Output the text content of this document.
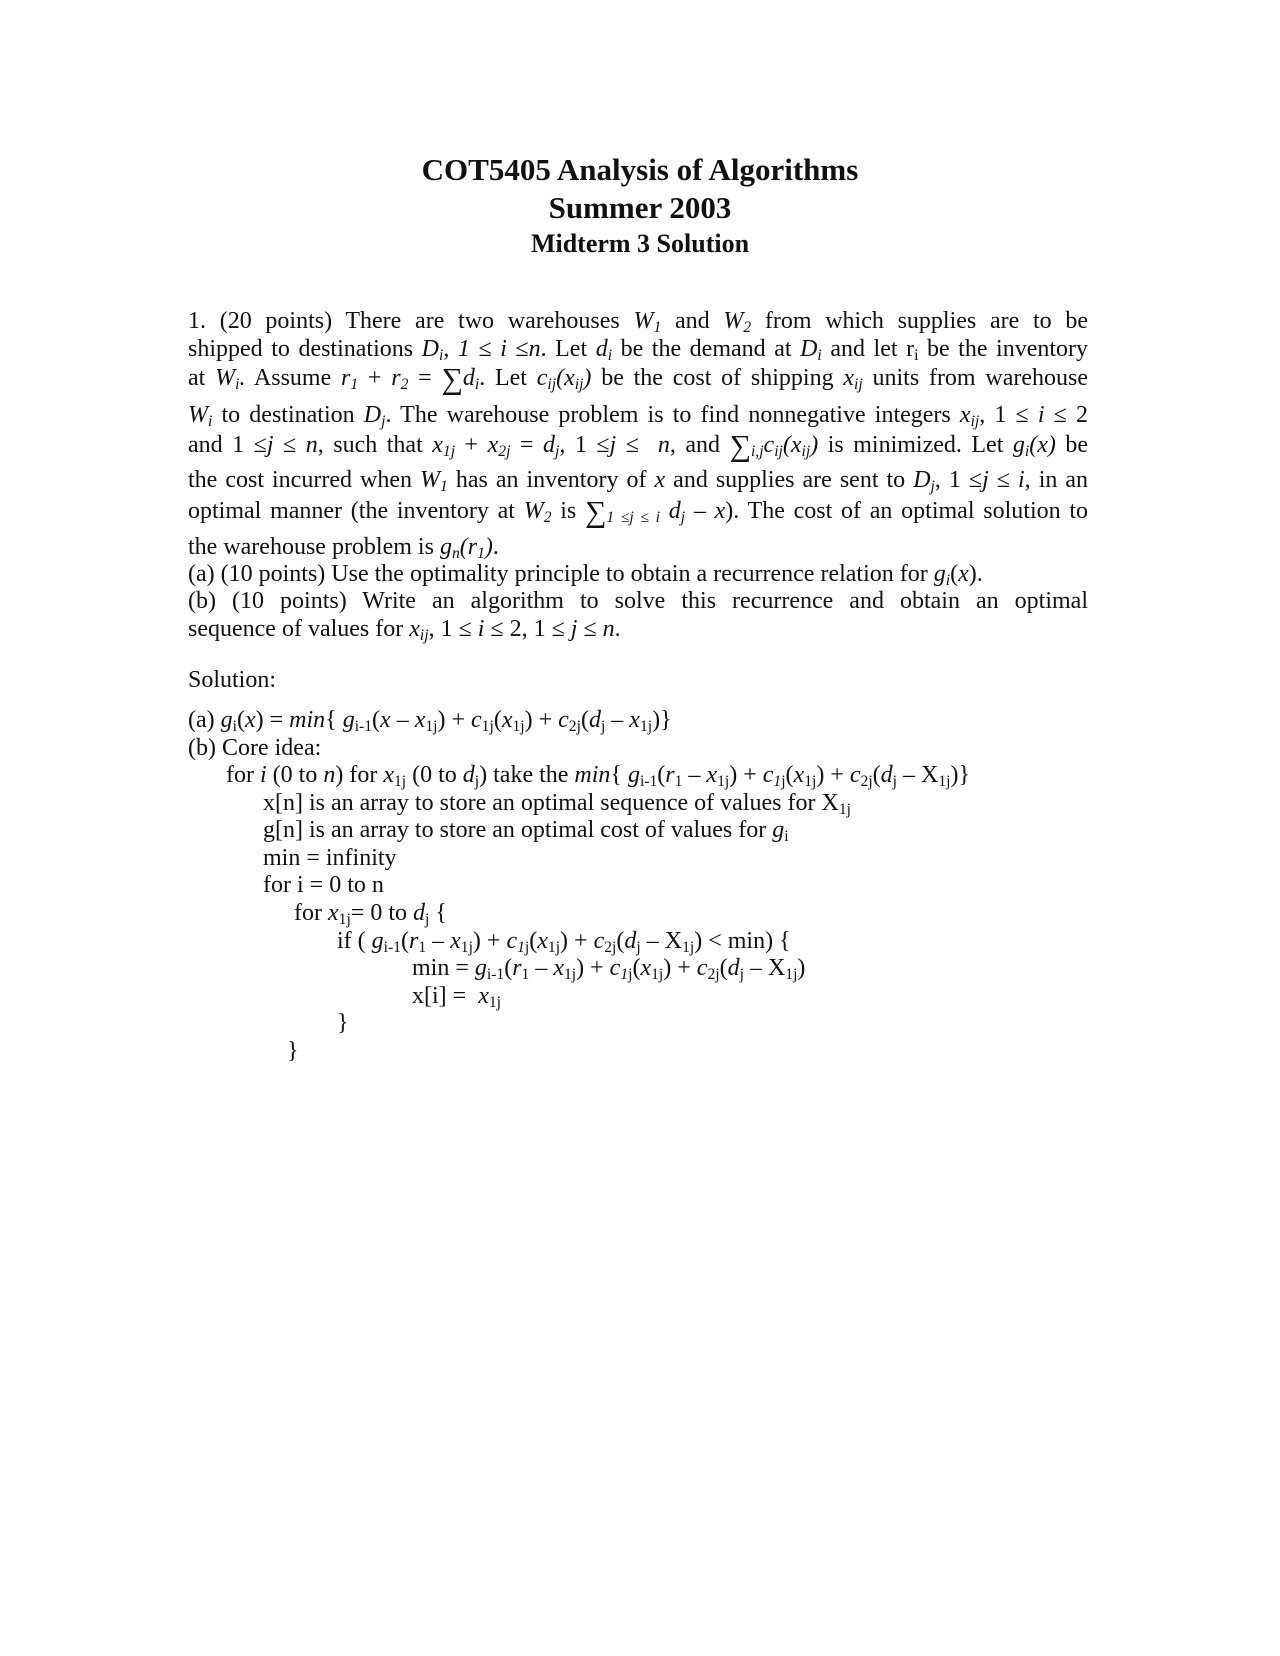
COT5405 Analysis of Algorithms
Summer 2003
Midterm 3 Solution
1. (20 points) There are two warehouses $W_1$ and $W_2$ from which supplies are to be
shipped to destinations $D_i$, 1 ≤ i ≤n. Let $d_i$ be the demand at $D_i$ and let $r_i$ be the inventory
at $W_i$. Assume $r_1 + r_2 = \sum d_i$. Let $c_{ij}(x_{ij})$ be the cost of shipping $x_{ij}$ units from warehouse
$W_i$ to destination $D_j$. The warehouse problem is to find nonnegative integers $x_{ij}$, 1 ≤ i ≤ 2
and 1 ≤j ≤ n, such that $x_{1j} + x_{2j} = d_j$, 1 ≤j ≤  n, and $\sum_{i,j}c_{ij}(x_{ij})$ is minimized. Let $g_i(x)$ be
the cost incurred when $W_1$ has an inventory of x and supplies are sent to $D_j$, 1 ≤j ≤ i, in an
optimal manner (the inventory at $W_2$ is $\sum_{1 \le j \le i}$ $d_j - x$). The cost of an optimal solution to
the warehouse problem is $g_n(r_1)$.
(a) (10 points) Use the optimality principle to obtain a recurrence relation for $g_i(x)$.
(b) (10 points) Write an algorithm to solve this recurrence and obtain an optimal
sequence of values for $x_{ij}$, 1 ≤ i ≤ 2, 1 ≤ j ≤ n.
Solution:
(a) $g_i(x) = \min${ $g_{i-1}(x - x_{1j}) + c_{1j}(x_{1j}) + c_{2j}(d_j - x_{1j})$}
(b) Core idea:
for i (0 to n) for $x_{1j}$ (0 to $d_j$) take the min{ $g_{i-1}(r_1 - x_{1j}) + c_{1j}(x_{1j}) + c_{2j}(d_j - X_{1j})$}
x[n] is an array to store an optimal sequence of values for $X_{1j}$
g[n] is an array to store an optimal cost of values for $g_i$
min = infinity
for i = 0 to n
for $x_{1j}= 0$ to $d_j$ {
if ( $g_{i-1}(r_1 - x_{1j}) + c_{1j}(x_{1j}) + c_{2j}(d_j - X_{1j}) < \min$) {
$\min = g_{i-1}(r_1 - x_{1j}) + c_{1j}(x_{1j}) + c_{2j}(d_j - X_{1j})$
$x[i] = x_{1j}$
}
}
